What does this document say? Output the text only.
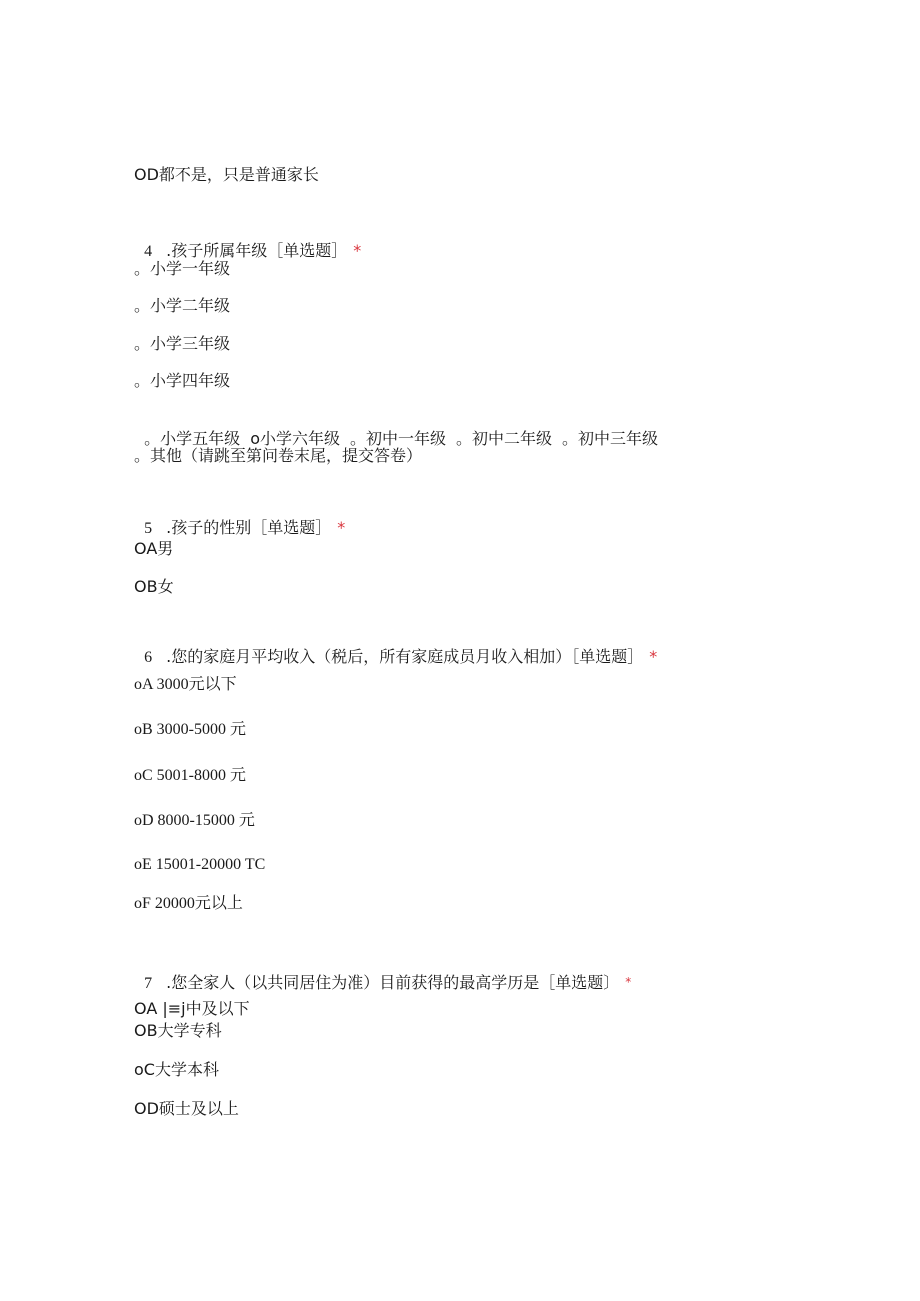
OD都不是，只是普通家长

4 .孩子所属年级［单选题］ *

。小学一年级
。小学二年级
。小学三年级
。小学四年级

。小学五年级 o小学六年级 。初中一年级 。初中二年级 。初中三年级

。其他（请跳至第问卷末尾，提交答卷）

5 .孩子的性别［单选题］ *

OA男
OB女

6 .您的家庭月平均收入（税后，所有家庭成员月收入相加）［单选题］ *

oA 3000元以下
oB 3000-5000 元
oC 5001-8000 元
oD 8000-15000 元
oE 15001-20000 TC
oF 20000元以上

7 .您全家人（以共同居住为准）目前获得的最高学历是［单选题〕 *

OA |≡j中及以下
OB大学专科
oC大学本科
OD硕士及以上
